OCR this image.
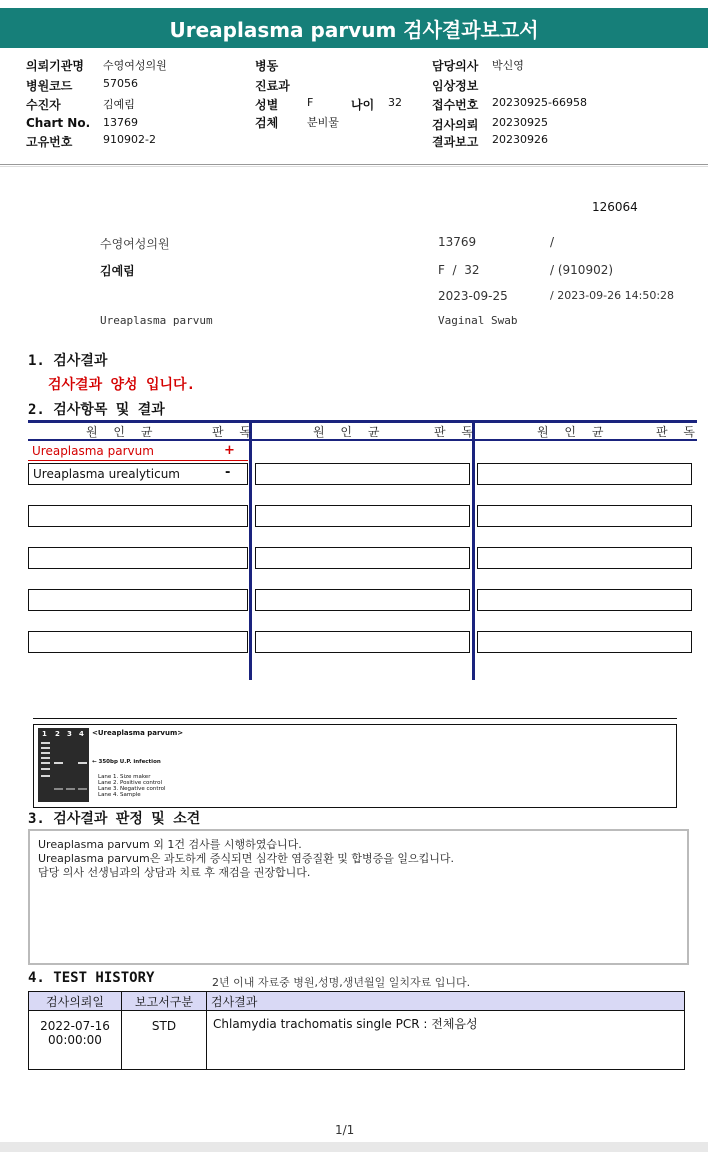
Ureaplasma parvum 검사결과보고서
의뢰기관명 수영여성의원	병동	담당의사 박신영
병원코드	57056	진료과	임상정보
수진자	김예림	성별	F	나이 32	접수번호 20230925-66958
Chart No. 13769	검체	분비물	검사의뢰 20230925
고유번호	910902-2	결과보고 20230926
126064
수영여성의원	13769	/
김예림	F  /  32	/ (910902)
2023-09-25	/ 2023-09-26 14:50:28
Ureaplasma parvum	Vaginal Swab
1. 검사결과
검사결과 양성 입니다.
2. 검사항목 및 결과
원 인 균	판 독	원 인 균	판 독	원 인 균	판 독
Ureaplasma parvum	+
Ureaplasma urealyticum	-
1 2 3 4 <Ureaplasma parvum>
← 350bp U.P. infection
Lane 1. Size maker
Lane 2. Positive control
Lane 3. Negative control
Lane 4. Sample
3. 검사결과 판정 및 소견
Ureaplasma parvum 외 1건 검사를 시행하였습니다.
Ureaplasma parvum은 과도하게 증식되면 심각한 염증질환 및 합병증을 일으킵니다.
담당 의사 선생님과의 상담과 치료 후 재검을 권장합니다.
4. TEST HISTORY	2년 이내 자료중 병원,성명,생년월일 일치자료 입니다.
검사의뢰일	보고서구분	검사결과

2022-07-16
00:00:00	STD	Chlamydia trachomatis single PCR : 전체음성
1/1
